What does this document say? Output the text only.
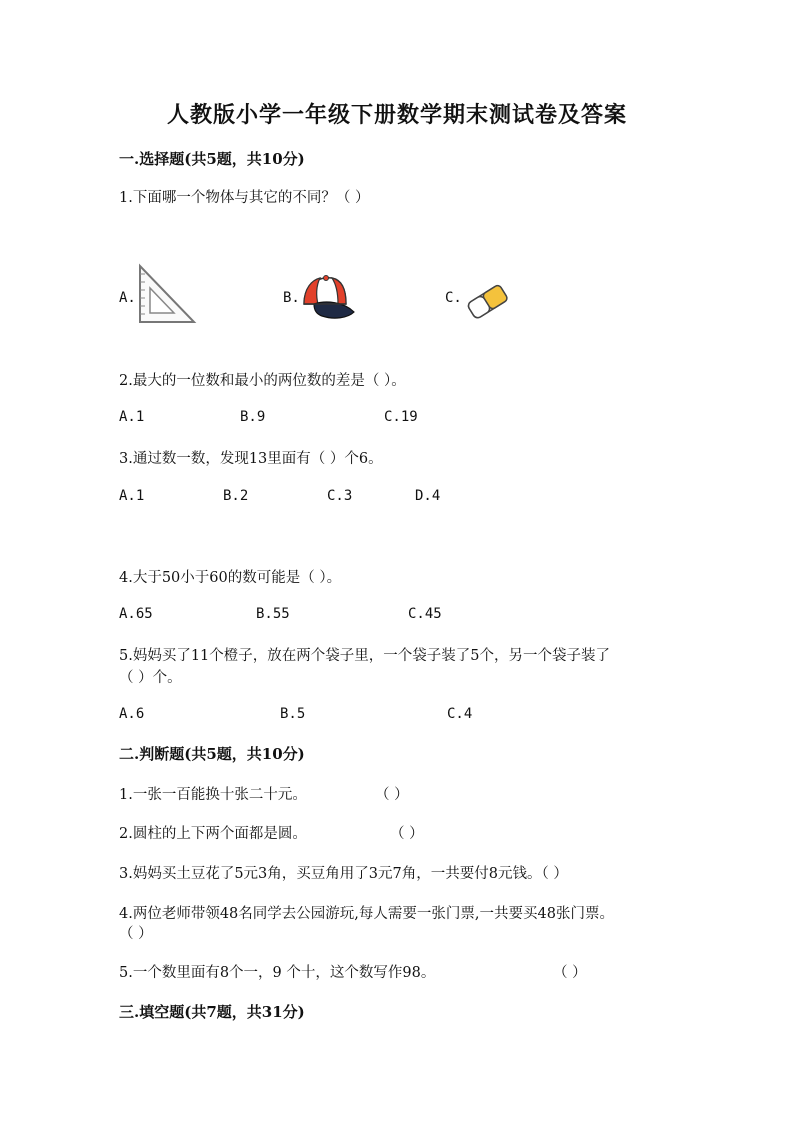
人教版小学一年级下册数学期末测试卷及答案
一.选择题(共5题，共10分)
1.下面哪一个物体与其它的不同？（ ）
A.	B.	C.
2.最大的一位数和最小的两位数的差是（ ）。
A.1	B.9	C.19
3.通过数一数，发现13里面有（ ）个6。
A.1	B.2	C.3	D.4
4.大于50小于60的数可能是（ ）。
A.65	B.55	C.45
5.妈妈买了11个橙子，放在两个袋子里，一个袋子装了5个，另一个袋子装了
（ ）个。
A.6	B.5	C.4
二.判断题(共5题，共10分)
1.一张一百能换十张二十元。	（ ）
2.圆柱的上下两个面都是圆。	（ ）
3.妈妈买土豆花了5元3角，买豆角用了3元7角，一共要付8元钱。（ ）
4.两位老师带领48名同学去公园游玩,每人需要一张门票,一共要买48张门票。
（ ）
5.一个数里面有8个一，9 个十，这个数写作98。	（ ）
三.填空题(共7题，共31分)
